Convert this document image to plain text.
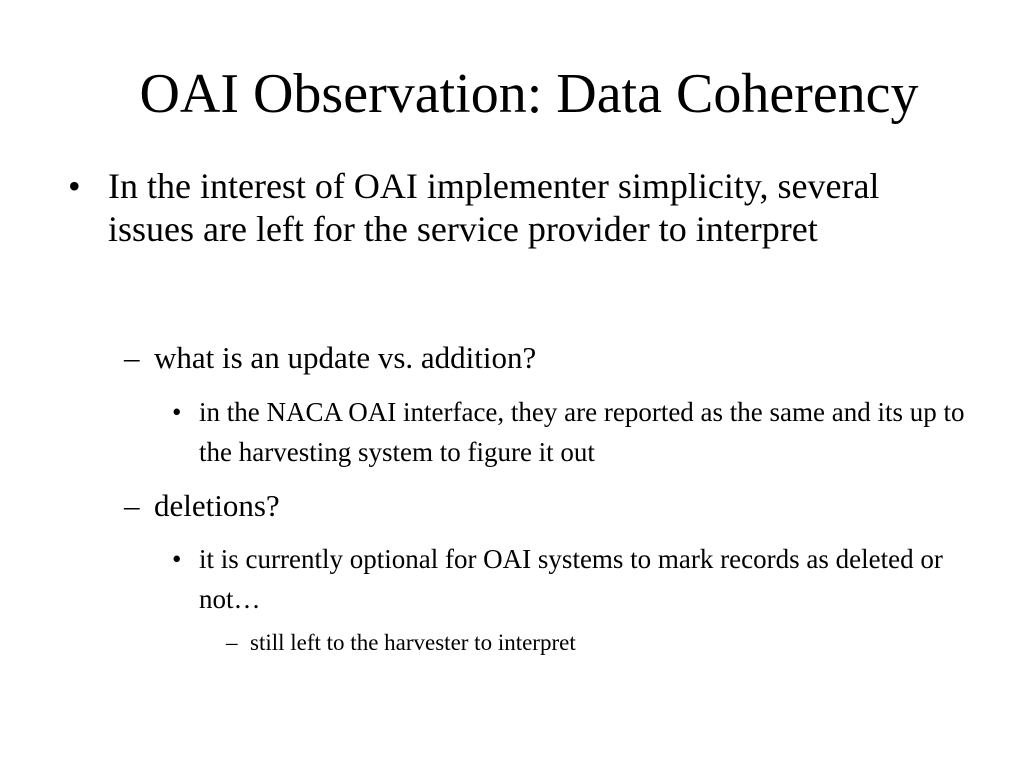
OAI Observation: Data Coherency
• In the interest of OAI implementer simplicity, several issues are left for the service provider to interpret
– what is an update vs. addition?
• in the NACA OAI interface, they are reported as the same and its up to the harvesting system to figure it out
– deletions?
• it is currently optional for OAI systems to mark records as deleted or not…
– still left to the harvester to interpret
